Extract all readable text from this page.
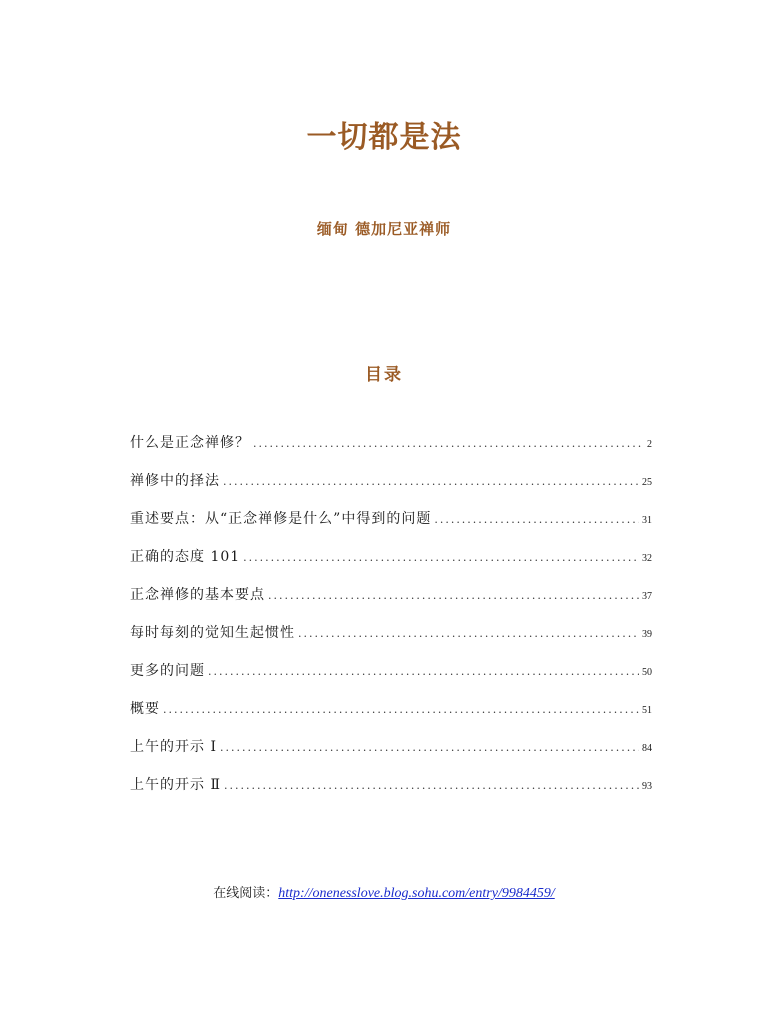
一切都是法
缅甸 德加尼亚禅师
目录
什么是正念禅修？ .....	2
禅修中的择法 .....	25
重述要点：从“正念禅修是什么”中得到的问题 .....	31
正确的态度 101 .....	32
正念禅修的基本要点 .....	37
每时每刻的觉知生起惯性 .....	39
更多的问题 .....	50
概要 .....	51
上午的开示 Ⅰ .....	84
上午的开示 Ⅱ .....	93
在线阅读：http://onenesslove.blog.sohu.com/entry/9984459/
